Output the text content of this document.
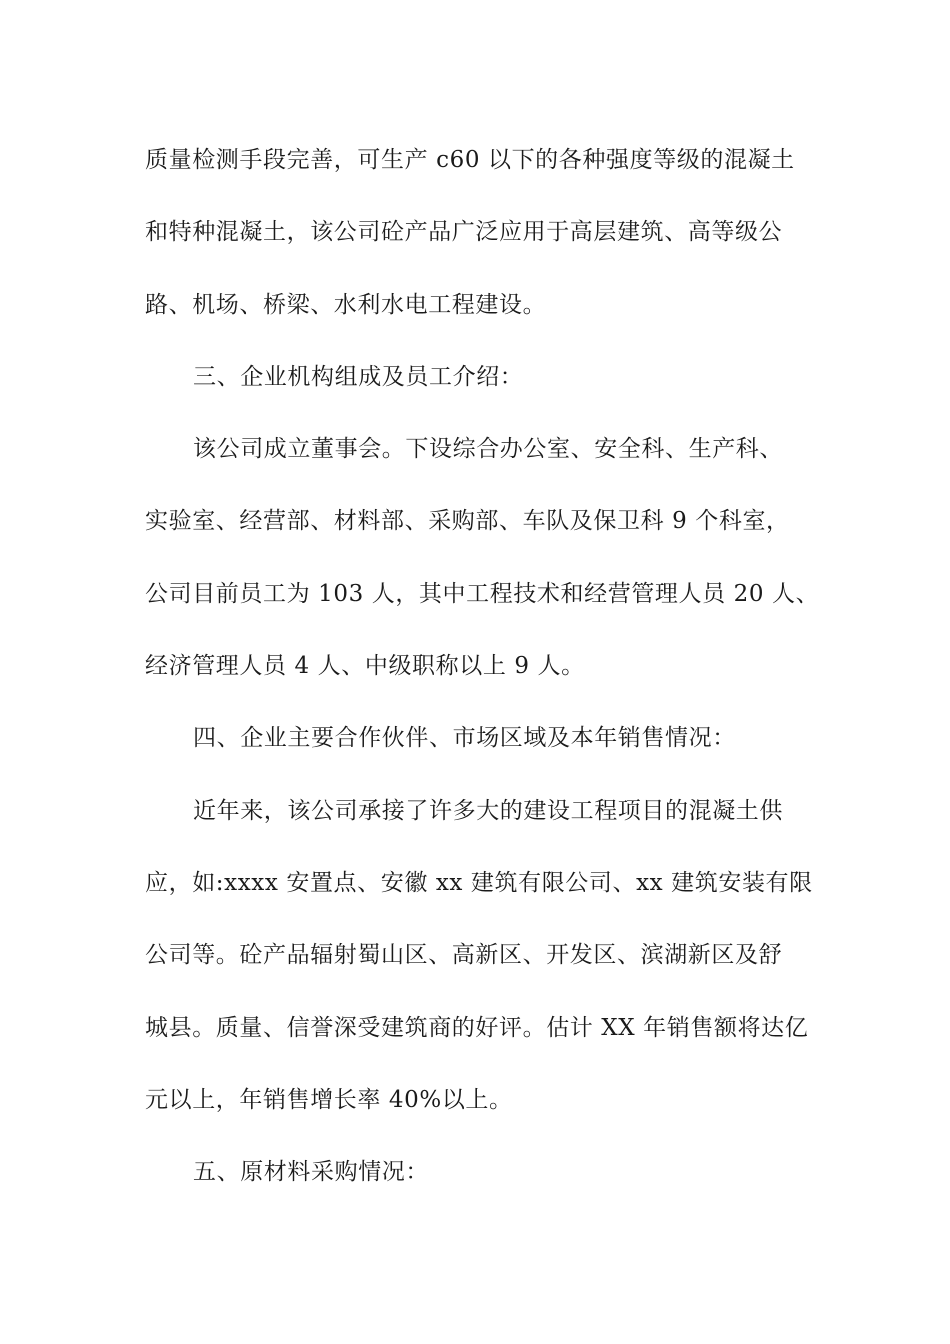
质量检测手段完善，可生产 c60 以下的各种强度等级的混凝土
和特种混凝土，该公司砼产品广泛应用于高层建筑、高等级公
路、机场、桥梁、水利水电工程建设。
三、企业机构组成及员工介绍：
该公司成立董事会。下设综合办公室、安全科、生产科、
实验室、经营部、材料部、采购部、车队及保卫科 9 个科室，
公司目前员工为 103 人，其中工程技术和经营管理人员 20 人、
经济管理人员 4 人、中级职称以上 9 人。
四、企业主要合作伙伴、市场区域及本年销售情况：
近年来，该公司承接了许多大的建设工程项目的混凝土供
应，如:xxxx 安置点、安徽 xx 建筑有限公司、xx 建筑安装有限
公司等。砼产品辐射蜀山区、高新区、开发区、滨湖新区及舒
城县。质量、信誉深受建筑商的好评。估计 XX 年销售额将达亿
元以上，年销售增长率 40%以上。
五、原材料采购情况：
